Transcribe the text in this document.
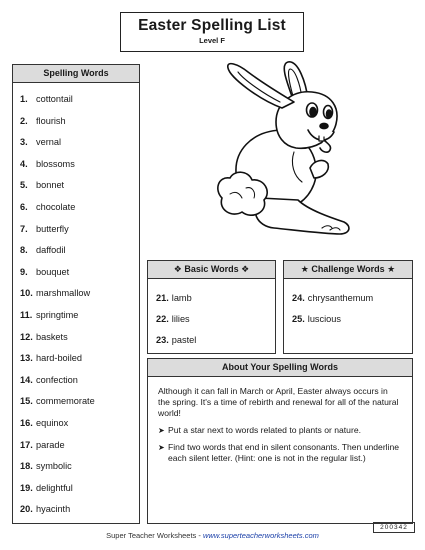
Easter Spelling List
Level F
Spelling Words
1. cottontail
2. flourish
3. vernal
4. blossoms
5. bonnet
6. chocolate
7. butterfly
8. daffodil
9. bouquet
10. marshmallow
11. springtime
12. baskets
13. hard-boiled
14. confection
15. commemorate
16. equinox
17. parade
18. symbolic
19. delightful
20. hyacinth
❖ Basic Words ❖
21. lamb
22. lilies
23. pastel
★ Challenge Words ★
24. chrysanthemum
25. luscious
About Your Spelling Words

Although it can fall in March or April, Easter always occurs in the spring. It's a time of rebirth and renewal for all of the natural world!

➤ Put a star next to words related to plants or nature.
➤ Find two words that end in silent consonants. Then underline each silent letter. (Hint: one is not in the regular list.)
200342
Super Teacher Worksheets - www.superteacherworksheets.com
